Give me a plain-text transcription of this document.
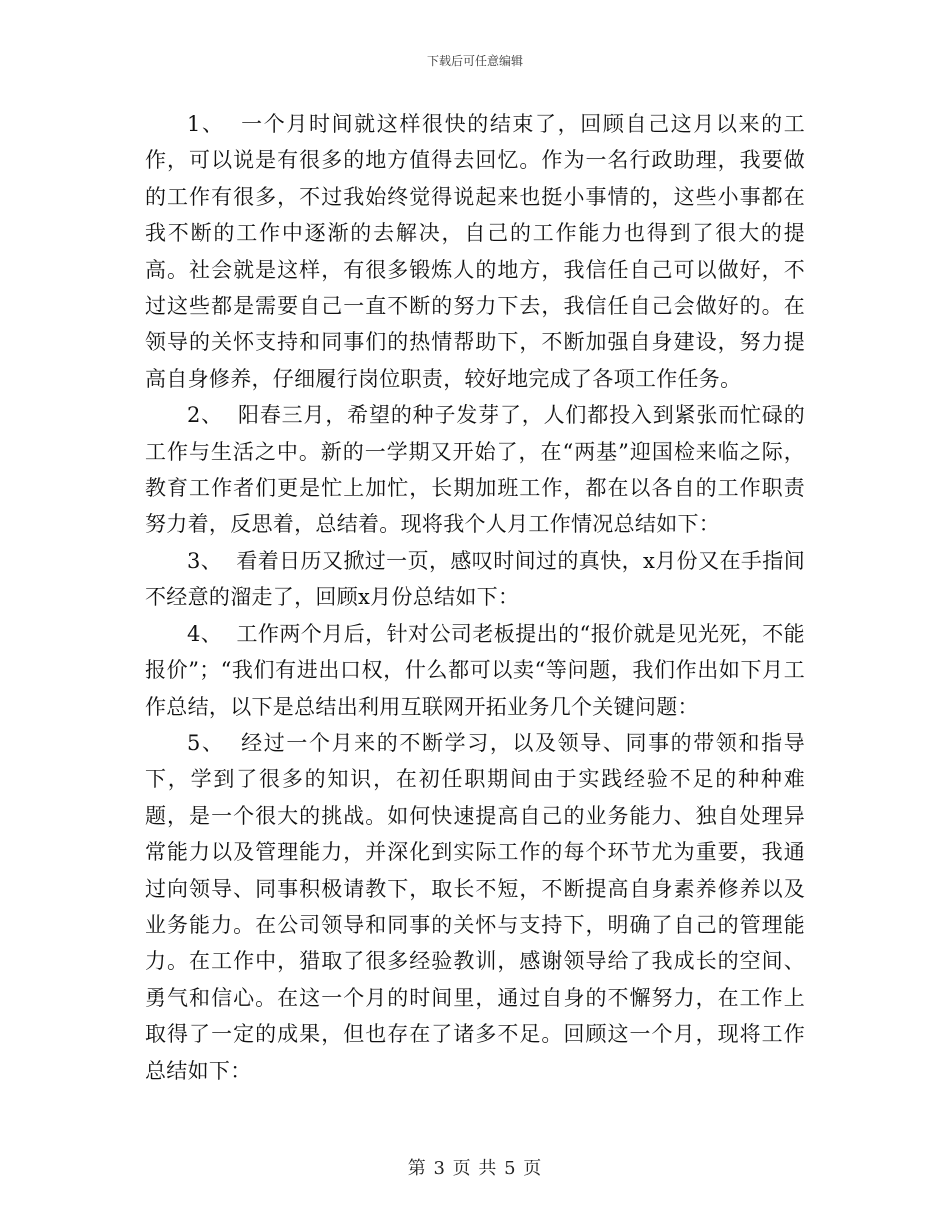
下载后可任意编辑

1、 一个月时间就这样很快的结束了，回顾自己这月以来的工作，可以说是有很多的地方值得去回忆。作为一名行政助理，我要做的工作有很多，不过我始终觉得说起来也挺小事情的，这些小事都在我不断的工作中逐渐的去解决，自己的工作能力也得到了很大的提高。社会就是这样，有很多锻炼人的地方，我信任自己可以做好，不过这些都是需要自己一直不断的努力下去，我信任自己会做好的。在领导的关怀支持和同事们的热情帮助下，不断加强自身建设，努力提高自身修养，仔细履行岗位职责，较好地完成了各项工作任务。

2、 阳春三月，希望的种子发芽了，人们都投入到紧张而忙碌的工作与生活之中。新的一学期又开始了，在“两基”迎国检来临之际，教育工作者们更是忙上加忙，长期加班工作，都在以各自的工作职责努力着，反思着，总结着。现将我个人月工作情况总结如下：

3、 看着日历又掀过一页，感叹时间过的真快，x月份又在手指间不经意的溜走了，回顾x月份总结如下：

4、 工作两个月后，针对公司老板提出的“报价就是见光死，不能报价”；“我们有进出口权，什么都可以卖“等问题，我们作出如下月工作总结，以下是总结出利用互联网开拓业务几个关键问题：

5、 经过一个月来的不断学习，以及领导、同事的带领和指导下，学到了很多的知识，在初任职期间由于实践经验不足的种种难题，是一个很大的挑战。如何快速提高自己的业务能力、独自处理异常能力以及管理能力，并深化到实际工作的每个环节尤为重要，我通过向领导、同事积极请教下，取长不短，不断提高自身素养修养以及业务能力。在公司领导和同事的关怀与支持下，明确了自己的管理能力。在工作中，猎取了很多经验教训，感谢领导给了我成长的空间、勇气和信心。在这一个月的时间里，通过自身的不懈努力，在工作上取得了一定的成果，但也存在了诸多不足。回顾这一个月，现将工作总结如下：

第 3 页 共 5 页
